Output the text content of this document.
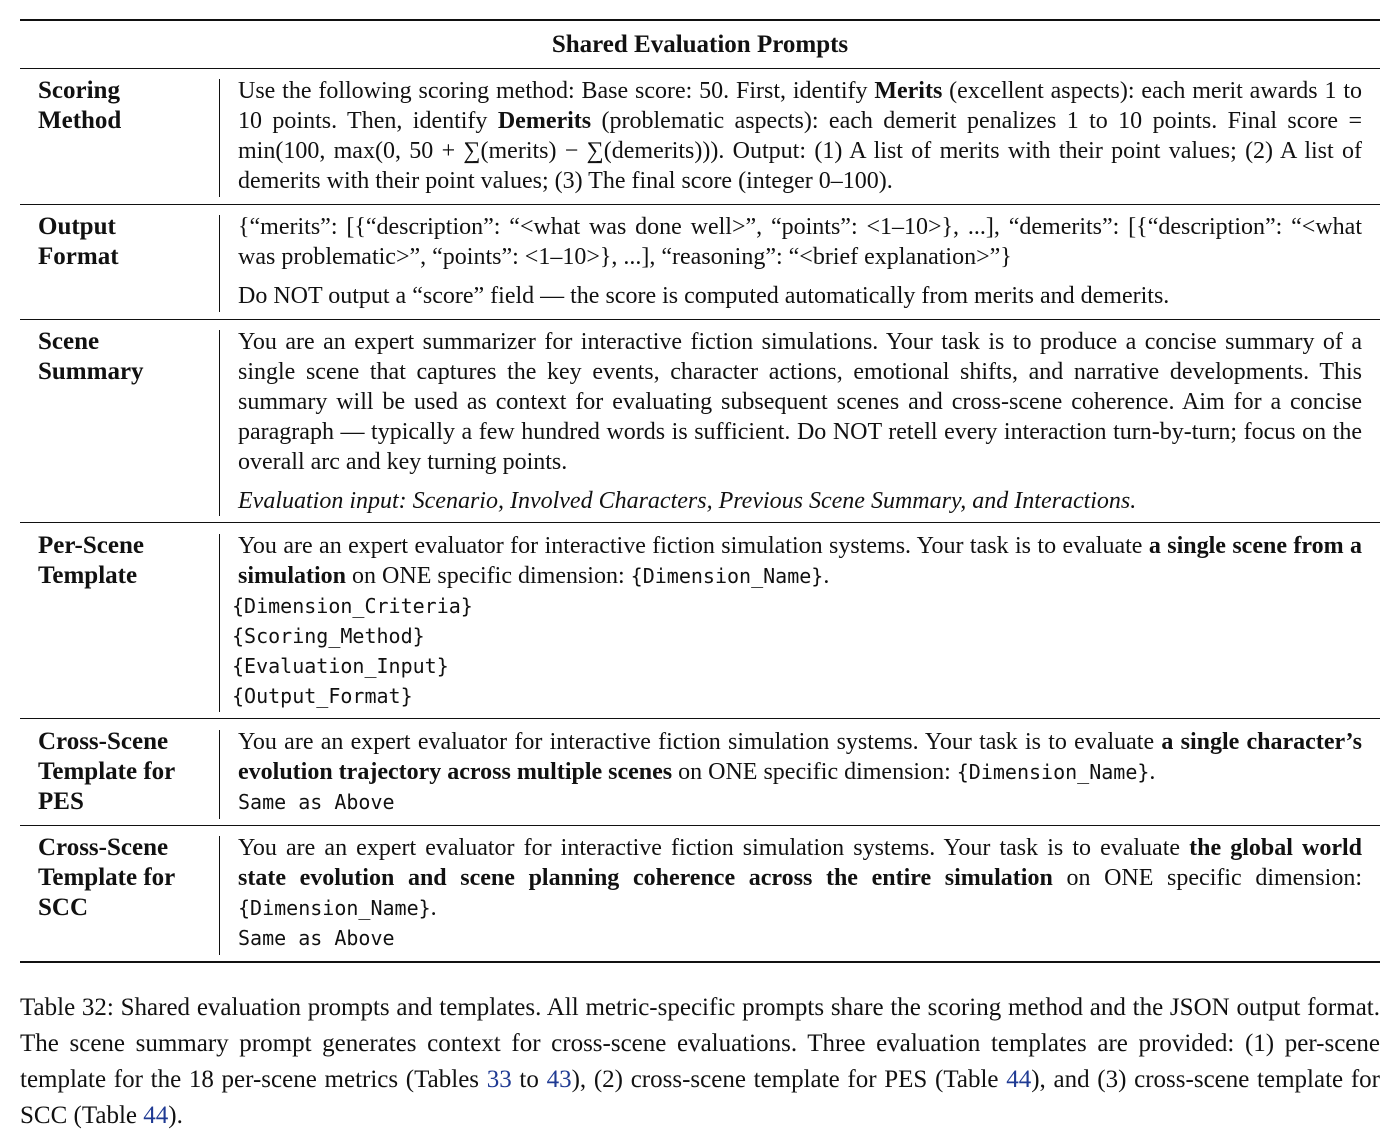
Shared Evaluation Prompts
Scoring
Method

Use the following scoring method: Base score: 50. First, identify Merits (excellent aspects): each merit awards 1 to 10 points. Then, identify Demerits (problematic aspects): each demerit penalizes 1 to 10 points. Final score = min(100, max(0, 50 + ∑(merits) − ∑(demerits))). Output: (1) A list of merits with their point values; (2) A list of demerits with their point values; (3) The final score (integer 0–100).

Output
Format

{“merits”: [{“description”: “<what was done well>”, “points”: <1–10>}, ...], “demerits”: [{“description”: “<what was problematic>”, “points”: <1–10>}, ...], “reasoning”: “<brief explanation>”}

Do NOT output a “score” field — the score is computed automatically from merits and demerits.

Scene
Summary

You are an expert summarizer for interactive fiction simulations. Your task is to produce a concise summary of a single scene that captures the key events, character actions, emotional shifts, and narrative developments. This summary will be used as context for evaluating subsequent scenes and cross-scene coherence. Aim for a concise paragraph — typically a few hundred words is sufficient. Do NOT retell every interaction turn-by-turn; focus on the overall arc and key turning points.

Evaluation input: Scenario, Involved Characters, Previous Scene Summary, and Interactions.

Per-Scene
Template

You are an expert evaluator for interactive fiction simulation systems. Your task is to evaluate a single scene from a simulation on ONE specific dimension: {Dimension_Name}.

{Dimension_Criteria}
{Scoring_Method}
{Evaluation_Input}
{Output_Format}
Cross-Scene
Template for
PES

You are an expert evaluator for interactive fiction simulation systems. Your task is to evaluate a single character’s evolution trajectory across multiple scenes on ONE specific dimension: {Dimension_Name}.

Same as Above
Cross-Scene
Template for
SCC

You are an expert evaluator for interactive fiction simulation systems. Your task is to evaluate the global world state evolution and scene planning coherence across the entire simulation on ONE specific dimension: {Dimension_Name}.

Same as Above
Table 32: Shared evaluation prompts and templates. All metric-specific prompts share the scoring method and the JSON output format. The scene summary prompt generates context for cross-scene evaluations. Three evaluation templates are provided: (1) per-scene template for the 18 per-scene metrics (Tables 33 to 43), (2) cross-scene template for PES (Table 44), and (3) cross-scene template for SCC (Table 44).
